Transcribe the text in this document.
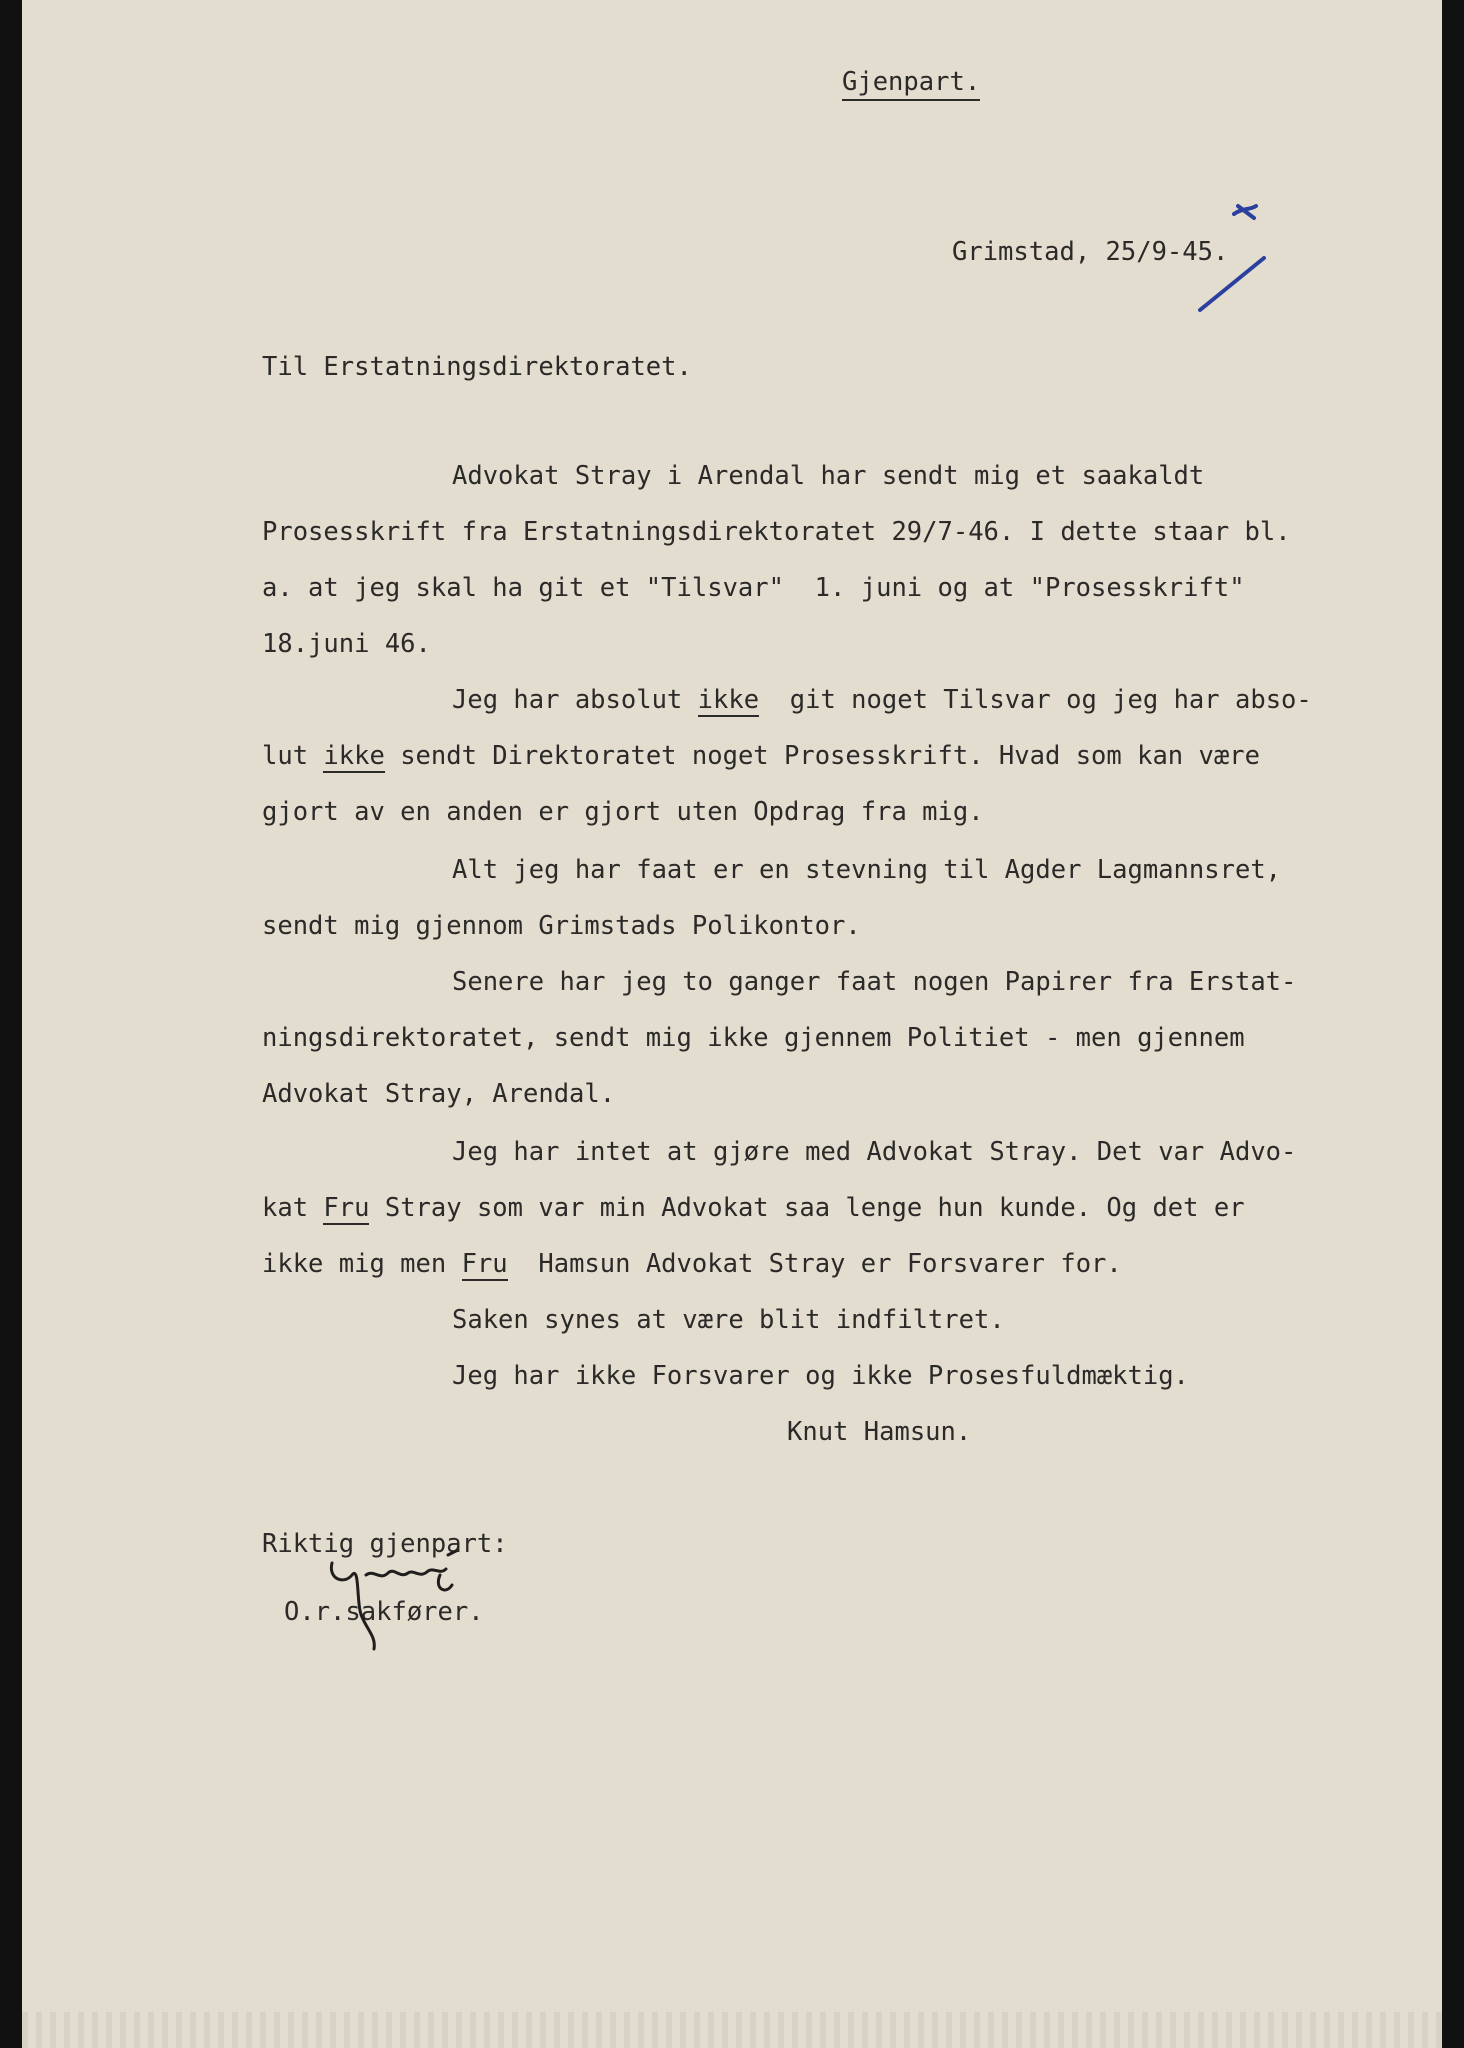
Gjenpart.
Grimstad, 25/9-45.
Til Erstatningsdirektoratet.
Advokat Stray i Arendal har sendt mig et saakaldt
Prosesskrift fra Erstatningsdirektoratet 29/7-46. I dette staar bl.
a. at jeg skal ha git et "Tilsvar"  1. juni og at "Prosesskrift"
18.juni 46.
Jeg har absolut ikke  git noget Tilsvar og jeg har abso-
lut ikke sendt Direktoratet noget Prosesskrift. Hvad som kan være
gjort av en anden er gjort uten Opdrag fra mig.
Alt jeg har faat er en stevning til Agder Lagmannsret,
sendt mig gjennom Grimstads Polikontor.
Senere har jeg to ganger faat nogen Papirer fra Erstat-
ningsdirektoratet, sendt mig ikke gjennem Politiet - men gjennem
Advokat Stray, Arendal.
Jeg har intet at gjøre med Advokat Stray. Det var Advo-
kat Fru Stray som var min Advokat saa lenge hun kunde. Og det er
ikke mig men Fru  Hamsun Advokat Stray er Forsvarer for.
Saken synes at være blit indfiltret.
Jeg har ikke Forsvarer og ikke Prosesfuldmæktig.
Knut Hamsun.
Riktig gjenpart:
O.r.sakfører.
